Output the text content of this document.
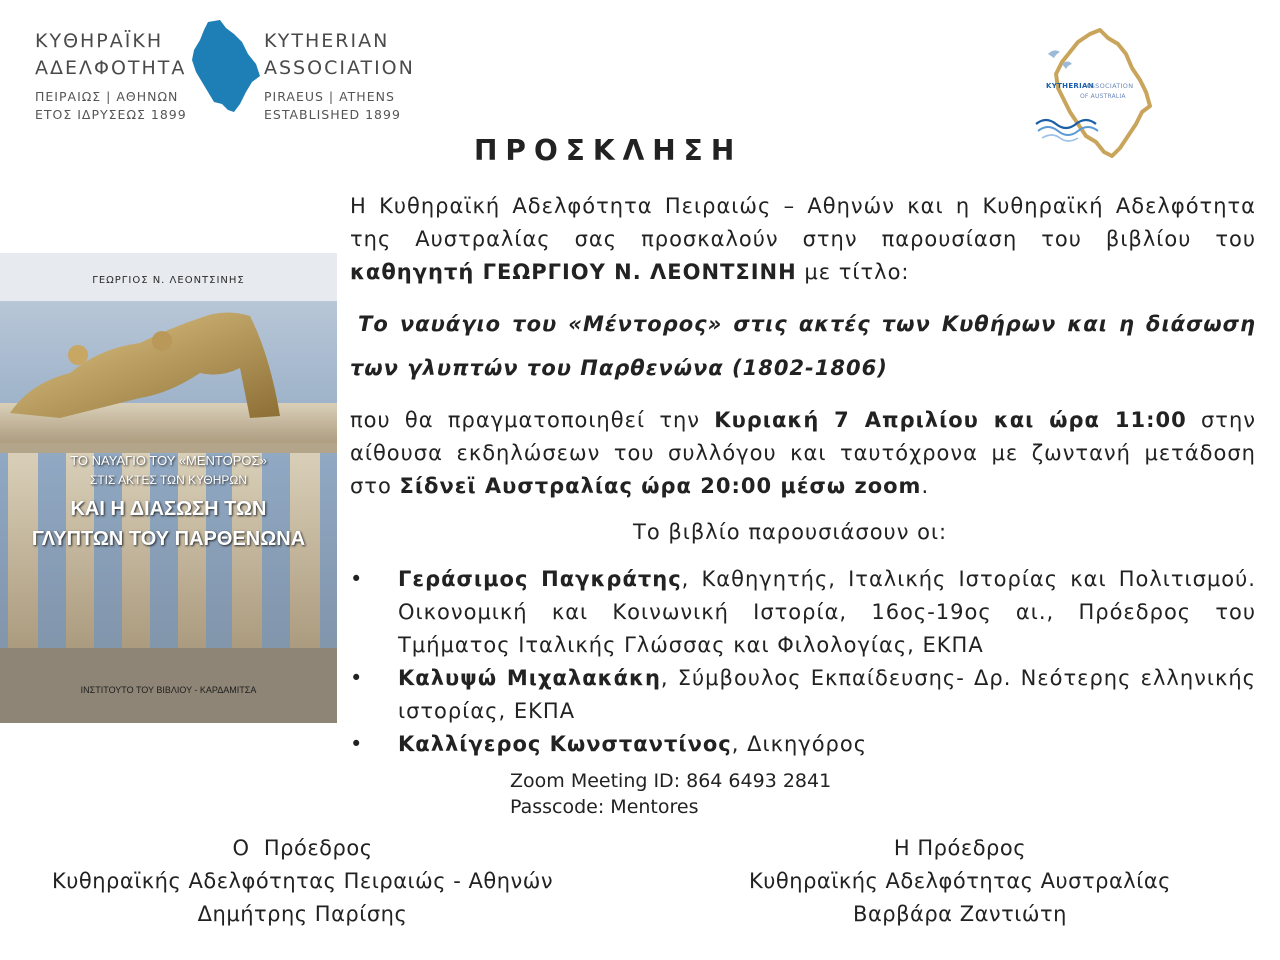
ΚΥΘΗΡΑΪΚΗ
ΑΔΕΛΦΟΤΗΤΑ
ΠΕΙΡΑΙΩΣ | ΑΘΗΝΩΝ
ΕΤΟΣ ΙΔΡΥΣΕΩΣ 1899
KYTHERIAN
ASSOCIATION
PIRAEUS | ATHENS
ESTABLISHED 1899
KYTHERIAN
ASSOCIATION
OF AUSTRALIA
ΠΡΟΣΚΛΗΣΗ
ΓΕΩΡΓΙΟΣ Ν. ΛΕΟΝΤΣΙΝΗΣ
ΤΟ ΝΑΥΑΓΙΟ ΤΟΥ «ΜΕΝΤΟΡΟΣ»
ΣΤΙΣ ΑΚΤΕΣ ΤΩΝ ΚΥΘΗΡΩΝ
ΚΑΙ Η ΔΙΑΣΩΣΗ ΤΩΝ
ΓΛΥΠΤΩΝ ΤΟΥ ΠΑΡΘΕΝΩΝΑ
ΙΝΣΤΙΤΟΥΤΟ ΤΟΥ ΒΙΒΛΙΟΥ - ΚΑΡΔΑΜΙΤΣΑ
Η Κυθηραϊκή Αδελφότητα Πειραιώς – Αθηνών και η Κυθηραϊκή Αδελφότητα της Αυστραλίας σας προσκαλούν στην παρουσίαση του βιβλίου του καθηγητή ΓΕΩΡΓΙΟΥ Ν. ΛΕΟΝΤΣΙΝΗ με τίτλο:
Το ναυάγιο του «Μέντορος» στις ακτές των Κυθήρων και η διάσωση
των γλυπτών του Παρθενώνα (1802-1806)
που θα πραγματοποιηθεί την Κυριακή 7 Απριλίου και ώρα 11:00 στην αίθουσα εκδηλώσεων του συλλόγου και ταυτόχρονα με ζωντανή μετάδοση στο Σίδνεϊ Αυστραλίας ώρα 20:00 μέσω zoom.
Το βιβλίο παρουσιάσουν οι:
• Γεράσιμος Παγκράτης, Καθηγητής, Ιταλικής Ιστορίας και Πολιτισμού. Οικονομική και Κοινωνική Ιστορία, 16ος-19ος αι., Πρόεδρος του Τμήματος Ιταλικής Γλώσσας και Φιλολογίας, ΕΚΠΑ
• Καλυψώ Μιχαλακάκη, Σύμβουλος Εκπαίδευσης- Δρ. Νεότερης ελληνικής ιστορίας, ΕΚΠΑ
• Καλλίγερος Κωνσταντίνος, Δικηγόρος
Zoom Meeting ID: 864 6493 2841
Passcode: Mentores
Ο  Πρόεδρος
Κυθηραϊκής Αδελφότητας Πειραιώς - Αθηνών
Δημήτρης Παρίσης
Η Πρόεδρος
Κυθηραϊκής Αδελφότητας Αυστραλίας
Βαρβάρα Ζαντιώτη
